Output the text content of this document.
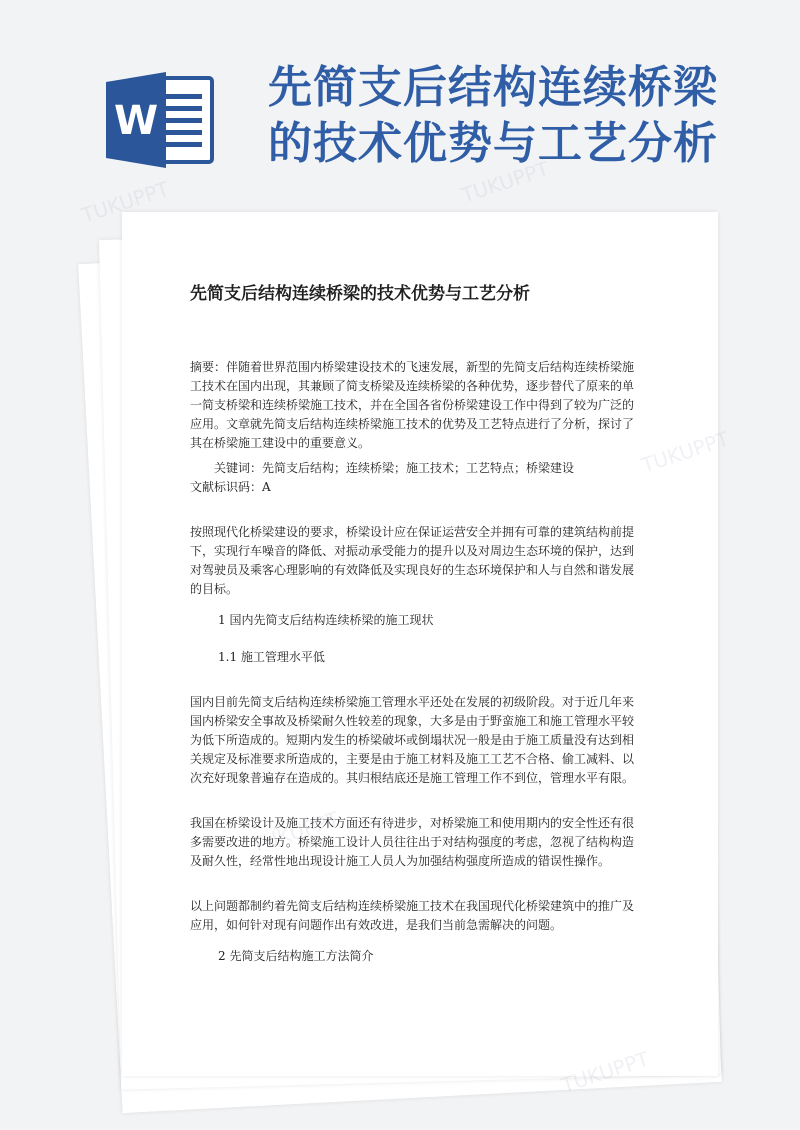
W
先简支后结构连续桥梁
的技术优势与工艺分析
先简支后结构连续桥梁的技术优势与工艺分析

摘要：伴随着世界范围内桥梁建设技术的飞速发展，新型的先简支后结构连续桥梁施工技术在国内出现，其兼顾了简支桥梁及连续桥梁的各种优势，逐步替代了原来的单一简支桥梁和连续桥梁施工技术，并在全国各省份桥梁建设工作中得到了较为广泛的应用。文章就先简支后结构连续桥梁施工技术的优势及工艺特点进行了分析，探讨了其在桥梁施工建设中的重要意义。

关键词：先简支后结构；连续桥梁；施工技术；工艺特点；桥梁建设

文献标识码：A

按照现代化桥梁建设的要求，桥梁设计应在保证运营安全并拥有可靠的建筑结构前提下，实现行车噪音的降低、对振动承受能力的提升以及对周边生态环境的保护，达到对驾驶员及乘客心理影响的有效降低及实现良好的生态环境保护和人与自然和谐发展的目标。

1 国内先简支后结构连续桥梁的施工现状
1.1 施工管理水平低

国内目前先简支后结构连续桥梁施工管理水平还处在发展的初级阶段。对于近几年来国内桥梁安全事故及桥梁耐久性较差的现象，大多是由于野蛮施工和施工管理水平较为低下所造成的。短期内发生的桥梁破坏或倒塌状况一般是由于施工质量没有达到相关规定及标准要求所造成的，主要是由于施工材料及施工工艺不合格、偷工减料、以次充好现象普遍存在造成的。其归根结底还是施工管理工作不到位，管理水平有限。

我国在桥梁设计及施工技术方面还有待进步，对桥梁施工和使用期内的安全性还有很多需要改进的地方。桥梁施工设计人员往往出于对结构强度的考虑，忽视了结构构造及耐久性，经常性地出现设计施工人员人为加强结构强度所造成的错误性操作。

以上问题都制约着先简支后结构连续桥梁施工技术在我国现代化桥梁建筑中的推广及应用，如何针对现有问题作出有效改进，是我们当前急需解决的问题。

2 先简支后结构施工方法简介
TUKUPPT	TUKUPPT
